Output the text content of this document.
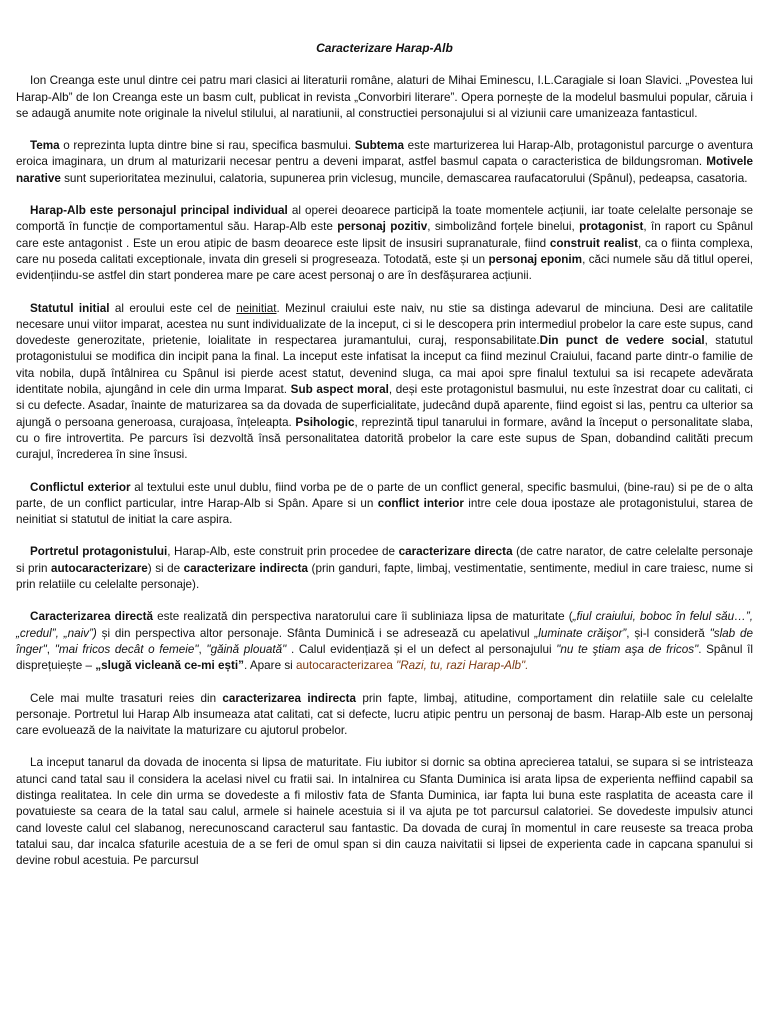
Caracterizare Harap-Alb

Ion Creanga este unul dintre cei patru mari clasici ai literaturii române, alaturi de Mihai Eminescu, I.L.Caragiale si Ioan Slavici. „Povestea lui Harap-Alb” de Ion Creanga este un basm cult, publicat in revista „Convorbiri literare”. Opera pornește de la modelul basmului popular, căruia i se adaugă anumite note originale la nivelul stilului, al naratiunii, al constructiei personajului si al viziunii care umanizeaza fantasticul.

Tema o reprezinta lupta dintre bine si rau, specifica basmului. Subtema este marturizerea lui Harap-Alb, protagonistul parcurge o aventura eroica imaginara, un drum al maturizarii necesar pentru a deveni imparat, astfel basmul capata o caracteristica de bildungsroman. Motivele narative sunt superioritatea mezinului, calatoria, supunerea prin viclesug, muncile, demascarea raufacatorului (Spânul), pedeapsa, casatoria.

Harap-Alb este personajul principal individual al operei deoarece participă la toate momentele acțiunii, iar toate celelalte personaje se comportă în funcție de comportamentul său. Harap-Alb este personaj pozitiv, simbolizând forțele binelui, protagonist, în raport cu Spânul care este antagonist . Este un erou atipic de basm deoarece este lipsit de insusiri supranaturale, fiind construit realist, ca o fiinta complexa, care nu poseda calitati exceptionale, invata din greseli si progreseaza. Totodată, este și un personaj eponim, căci numele său dă titlul operei, evidențiindu-se astfel din start ponderea mare pe care acest personaj o are în desfășurarea acțiunii.

Statutul initial al eroului este cel de neinitiat. Mezinul craiului este naiv, nu stie sa distinga adevarul de minciuna. Desi are calitatile necesare unui viitor imparat, acestea nu sunt individualizate de la inceput, ci si le descopera prin intermediul probelor la care este supus, cand dovedeste generozitate, prietenie, loialitate in respectarea juramantului, curaj, responsabilitate.Din punct de vedere social, statutul protagonistului se modifica din incipit pana la final. La inceput este infatisat la inceput ca fiind mezinul Craiului, facand parte dintr-o familie de vita nobila, după întâlnirea cu Spânul isi pierde acest statut, devenind sluga, ca mai apoi spre finalul textului sa isi recapete adevărata identitate nobila, ajungând in cele din urma Imparat. Sub aspect moral, deși este protagonistul basmului, nu este înzestrat doar cu calitati, ci si cu defecte. Asadar, înainte de maturizarea sa da dovada de superficialitate, judecând după aparente, fiind egoist si las, pentru ca ulterior sa ajungă o persoana generoasa, curajoasa, înțeleapta. Psihologic, reprezintă tipul tanarului in formare, având la început o personalitate slaba, cu o fire introvertita. Pe parcurs îsi dezvoltă însă personalitatea datorită probelor la care este supus de Span, dobandind calităti precum curajul, încrederea în sine însusi.

Conflictul exterior al textului este unul dublu, fiind vorba pe de o parte de un conflict general, specific basmului, (bine-rau) si pe de o alta parte, de un conflict particular, intre Harap-Alb si Spân. Apare si un conflict interior intre cele doua ipostaze ale protagonistului, starea de neinitiat si statutul de initiat la care aspira.

Portretul protagonistului, Harap-Alb, este construit prin procedee de caracterizare directa (de catre narator, de catre celelalte personaje si prin autocaracterizare) si de caracterizare indirecta (prin ganduri, fapte, limbaj, vestimentatie, sentimente, mediul in care traiesc, nume si prin relatiile cu celelalte personaje).

Caracterizarea directă este realizată din perspectiva naratorului care îi subliniaza lipsa de maturitate („fiul craiului, boboc în felul său…”, „credul”, „naiv”) și din perspectiva altor personaje. Sfânta Duminică i se adresează cu apelativul „luminate crăişor”, și-l consideră "slab de înger", "mai fricos decât o femeie", "găină plouată" . Calul evidențiază și el un defect al personajului "nu te ştiam aşa de fricos". Spânul îl disprețuiește – „slugă vicleană ce-mi ești”. Apare si autocaracterizarea "Razi, tu, razi Harap-Alb".

Cele mai multe trasaturi reies din caracterizarea indirecta prin fapte, limbaj, atitudine, comportament din relatiile sale cu celelalte personaje. Portretul lui Harap Alb insumeaza atat calitati, cat si defecte, lucru atipic pentru un personaj de basm. Harap-Alb este un personaj care evoluează de la naivitate la maturizare cu ajutorul probelor.

La inceput tanarul da dovada de inocenta si lipsa de maturitate. Fiu iubitor si dornic sa obtina aprecierea tatalui, se supara si se intristeaza atunci cand tatal sau il considera la acelasi nivel cu fratii sai. In intalnirea cu Sfanta Duminica isi arata lipsa de experienta neffiind capabil sa distinga realitatea. In cele din urma se dovedeste a fi milostiv fata de Sfanta Duminica, iar fapta lui buna este rasplatita de aceasta care il povatuieste sa ceara de la tatal sau calul, armele si hainele acestuia si il va ajuta pe tot parcursul calatoriei. Se dovedeste impulsiv atunci cand loveste calul cel slabanog, nerecunoscand caracterul sau fantastic. Da dovada de curaj în momentul in care reuseste sa treaca proba tatalui sau, dar incalca sfaturile acestuia de a se feri de omul span si din cauza naivitatii si lipsei de experienta cade in capcana spanului si devine robul acestuia. Pe parcursul
